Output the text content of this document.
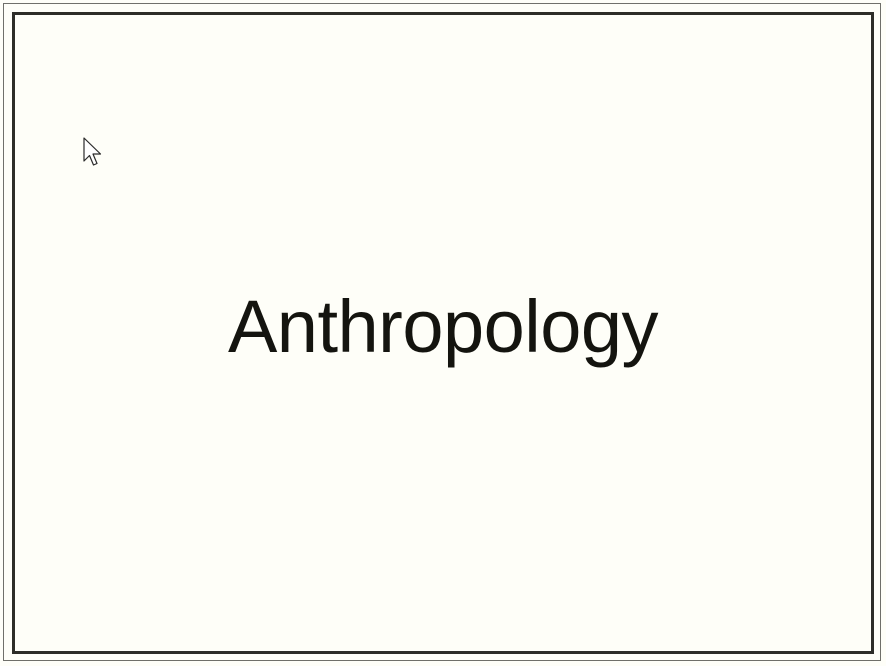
Anthropology
